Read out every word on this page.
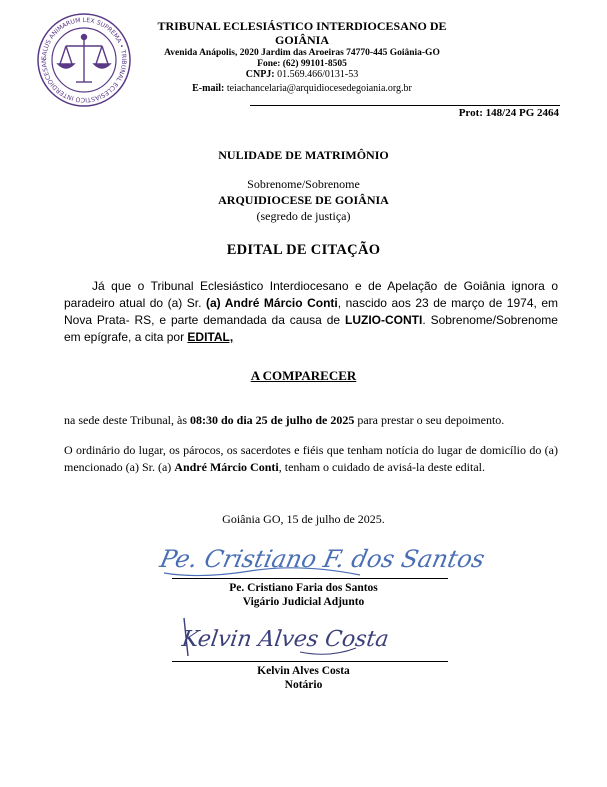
SALUS ANIMARUM LEX SUPREMA • TRIBUNAL ECLESIÁSTICO INTERDIOCESAN
TRIBUNAL ECLESIÁSTICO INTERDIOCESANO DE GOIÂNIA
Avenida Anápolis, 2020 Jardim das Aroeiras 74770-445 Goiânia-GO
Fone: (62) 99101-8505
CNPJ: 01.569.466/0131-53
E-mail: teiachancelaria@arquidiocesedegoiania.org.br
Prot: 148/24 PG 2464
NULIDADE DE MATRIMÔNIO
Sobrenome/Sobrenome
ARQUIDIOCESE DE GOIÂNIA
(segredo de justiça)
EDITAL DE CITAÇÃO
Já que o Tribunal Eclesiástico Interdiocesano e de Apelação de Goiânia ignora o paradeiro atual do (a) Sr. (a) André Márcio Conti, nascido aos 23 de março de 1974, em Nova Prata- RS, e parte demandada da causa de LUZIO-CONTI. Sobrenome/Sobrenome em epígrafe, a cita por EDITAL,
A COMPARECER
na sede deste Tribunal, às 08:30 do dia 25 de julho de 2025 para prestar o seu depoimento.
O ordinário do lugar, os párocos, os sacerdotes e fiéis que tenham notícia do lugar de domicílio do (a) mencionado (a) Sr. (a) André Márcio Conti, tenham o cuidado de avisá-la deste edital.
Goiânia GO, 15 de julho de 2025.
Pe. Cristiano F. dos Santos
Pe. Cristiano Faria dos Santos
Vigário Judicial Adjunto
Kelvin Alves Costa
Kelvin Alves Costa
Notário
